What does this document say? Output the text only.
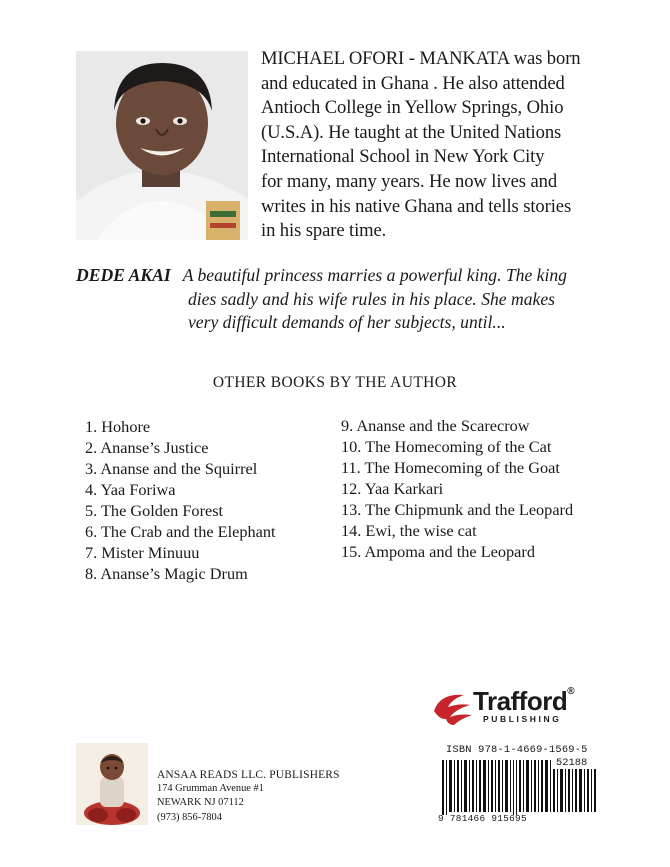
MICHAEL OFORI - MANKATA was born

and educated in Ghana . He also attended

Antioch College in Yellow Springs, Ohio

(U.S.A). He taught at the United Nations

International School in New York City

for many, many years. He now lives and

writes in his native Ghana and tells stories

in his spare time.

DEDE AKAI A beautiful princess marries a powerful king. The king
dies sadly and his wife rules in his place. She makes
very difficult demands of her subjects, until...
OTHER BOOKS BY THE AUTHOR
1. Hohore
2. Ananse’s Justice
3. Ananse and the Squirrel
4. Yaa Foriwa
5. The Golden Forest
6. The Crab and the Elephant
7. Mister Minuuu
8. Ananse’s Magic Drum
9. Ananse and the Scarecrow
10. The Homecoming of the Cat
11. The Homecoming of the Goat
12. Yaa Karkari
13. The Chipmunk and the Leopard
14. Ewi, the wise cat
15. Ampoma and the Leopard
Trafford®
PUBLISHING
ANSAA READS LLC. PUBLISHERS
174 Grumman Avenue #1
NEWARK NJ 07112
(973) 856-7804
ISBN 978-1-4669-1569-5
52188
9 781466 915695
